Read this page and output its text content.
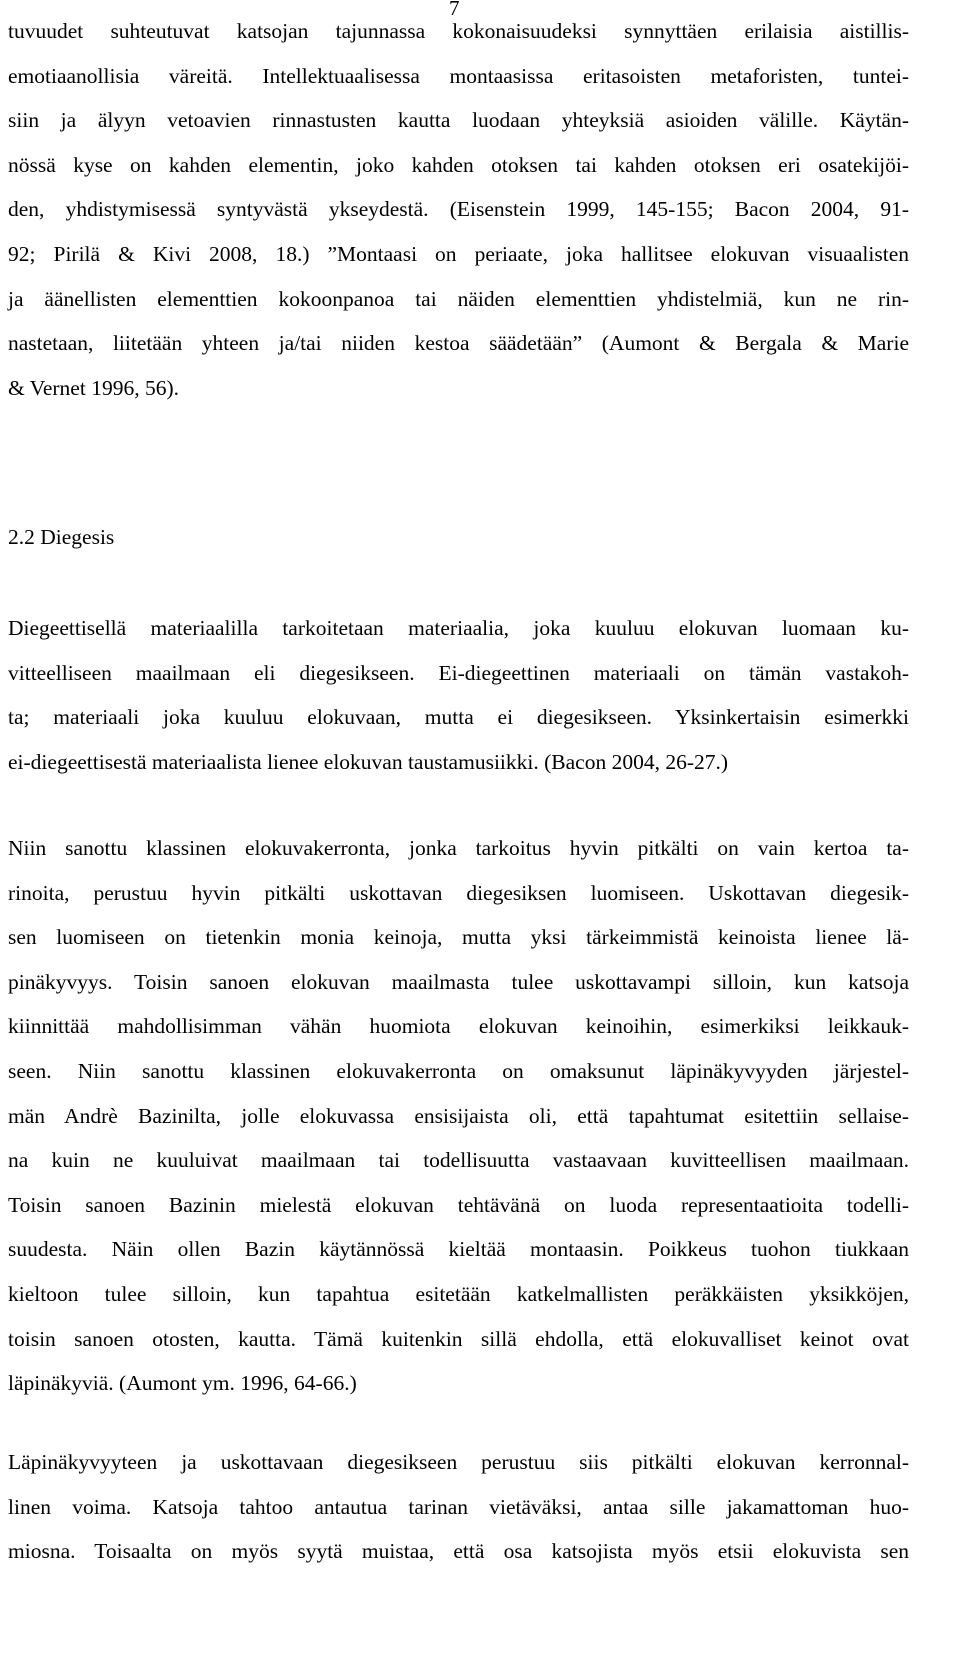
7
tuvuudet suhteutuvat katsojan tajunnassa kokonaisuudeksi synnyttäen erilaisia aistillis-
emotiaanollisia väreitä. Intellektuaalisessa montaasissa eritasoisten metaforisten, tuntei-
siin ja älyyn vetoavien rinnastusten kautta luodaan yhteyksiä asioiden välille. Käytän-
nössä kyse on kahden elementin, joko kahden otoksen tai kahden otoksen eri osatekijöi-
den, yhdistymisessä syntyvästä ykseydestä. (Eisenstein 1999, 145-155; Bacon 2004, 91-
92; Pirilä & Kivi 2008, 18.) ”Montaasi on periaate, joka hallitsee elokuvan visuaalisten
ja äänellisten elementtien kokoonpanoa tai näiden elementtien yhdistelmiä, kun ne rin-
nastetaan, liitetään yhteen ja/tai niiden kestoa säädetään” (Aumont & Bergala & Marie
& Vernet 1996, 56).
2.2 Diegesis
Diegeettisellä materiaalilla tarkoitetaan materiaalia, joka kuuluu elokuvan luomaan ku-
vitteelliseen maailmaan eli diegesikseen. Ei-diegeettinen materiaali on tämän vastakoh-
ta; materiaali joka kuuluu elokuvaan, mutta ei diegesikseen. Yksinkertaisin esimerkki
ei-diegeettisestä materiaalista lienee elokuvan taustamusiikki. (Bacon 2004, 26-27.)
Niin sanottu klassinen elokuvakerronta, jonka tarkoitus hyvin pitkälti on vain kertoa ta-
rinoita, perustuu hyvin pitkälti uskottavan diegesiksen luomiseen. Uskottavan diegesik-
sen luomiseen on tietenkin monia keinoja, mutta yksi tärkeimmistä keinoista lienee lä-
pinäkyvyys. Toisin sanoen elokuvan maailmasta tulee uskottavampi silloin, kun katsoja
kiinnittää mahdollisimman vähän huomiota elokuvan keinoihin, esimerkiksi leikkauk-
seen. Niin sanottu klassinen elokuvakerronta on omaksunut läpinäkyvyyden järjestel-
män Andrè Bazinilta, jolle elokuvassa ensisijaista oli, että tapahtumat esitettiin sellaise-
na kuin ne kuuluivat maailmaan tai todellisuutta vastaavaan kuvitteellisen maailmaan.
Toisin sanoen Bazinin mielestä elokuvan tehtävänä on luoda representaatioita todelli-
suudesta. Näin ollen Bazin käytännössä kieltää montaasin. Poikkeus tuohon tiukkaan
kieltoon tulee silloin, kun tapahtua esitetään katkelmallisten peräkkäisten yksikköjen,
toisin sanoen otosten, kautta. Tämä kuitenkin sillä ehdolla, että elokuvalliset keinot ovat
läpinäkyviä. (Aumont ym. 1996, 64-66.)
Läpinäkyvyyteen ja uskottavaan diegesikseen perustuu siis pitkälti elokuvan kerronnal-
linen voima. Katsoja tahtoo antautua tarinan vietäväksi, antaa sille jakamattoman huo-
miosna. Toisaalta on myös syytä muistaa, että osa katsojista myös etsii elokuvista sen
